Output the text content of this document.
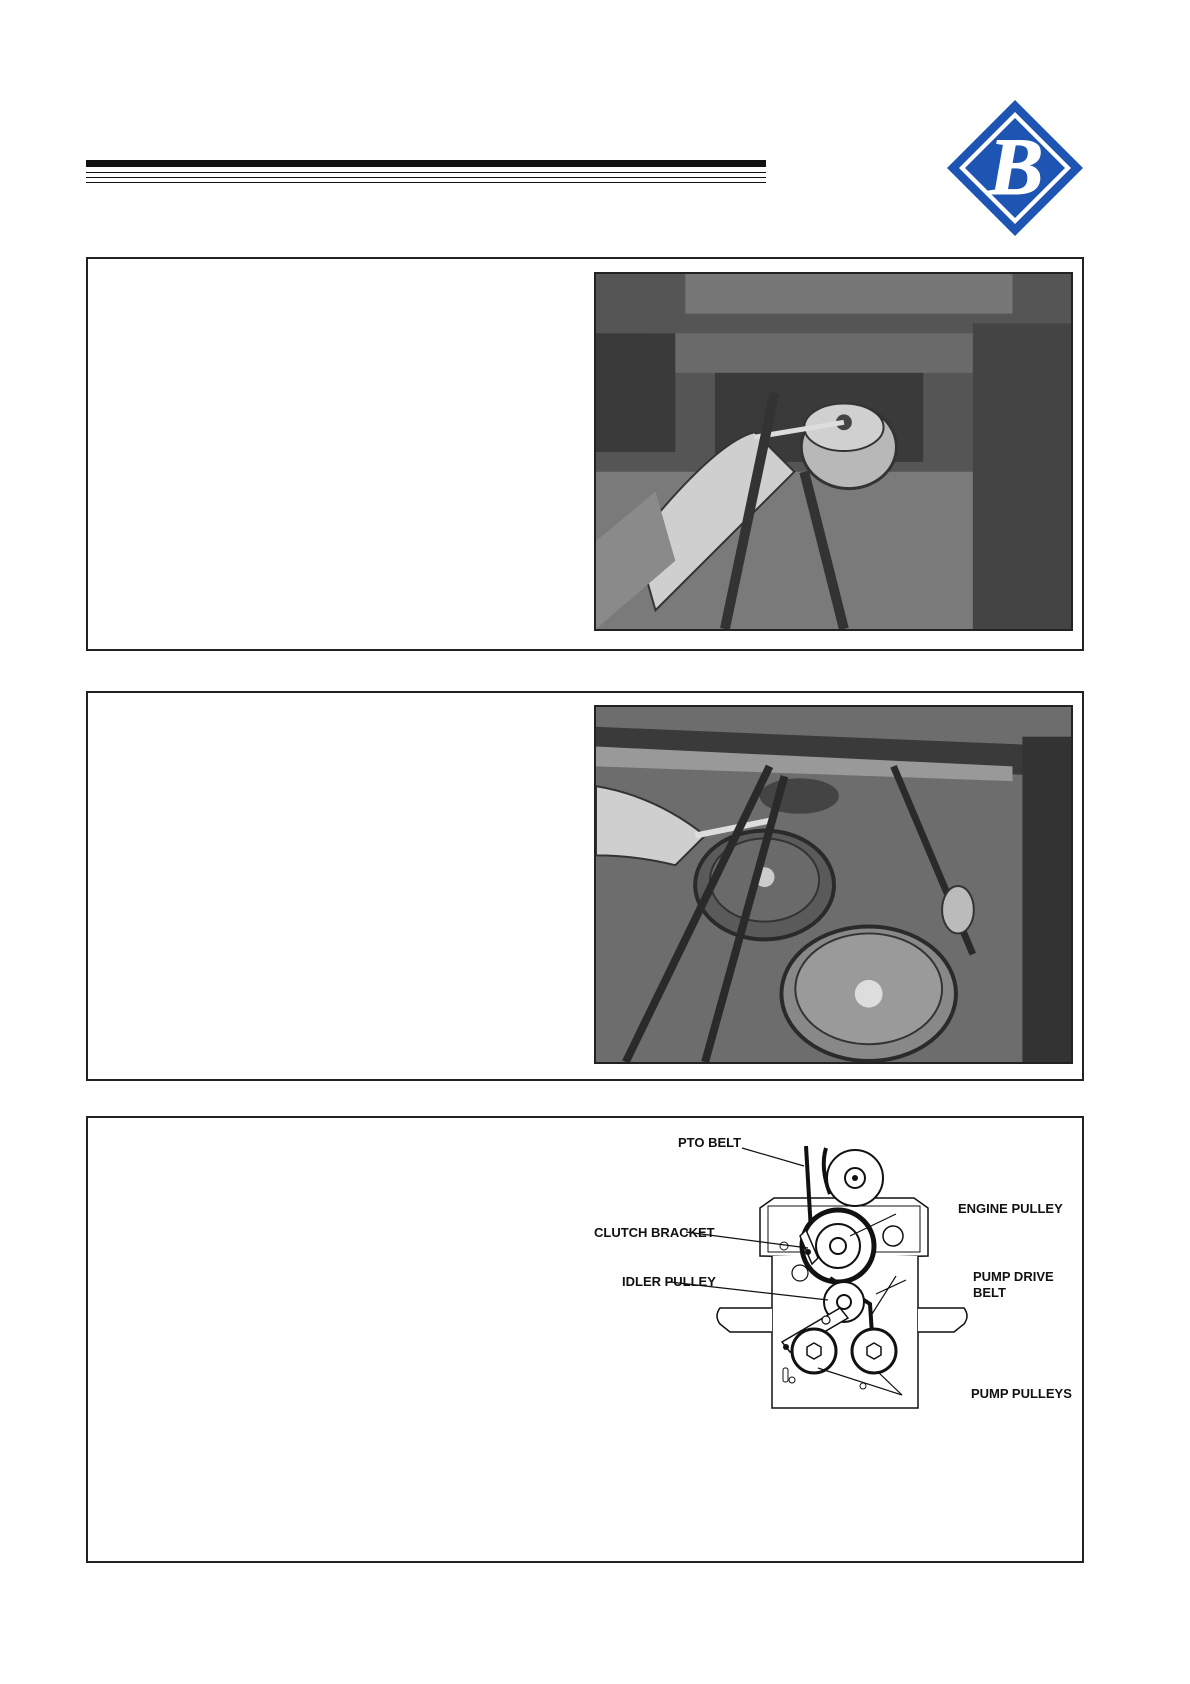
B
PTO BELT
ENGINE PULLEY
CLUTCH BRACKET
IDLER PULLEY	PUMP DRIVE BELT
PUMP PULLEYS
